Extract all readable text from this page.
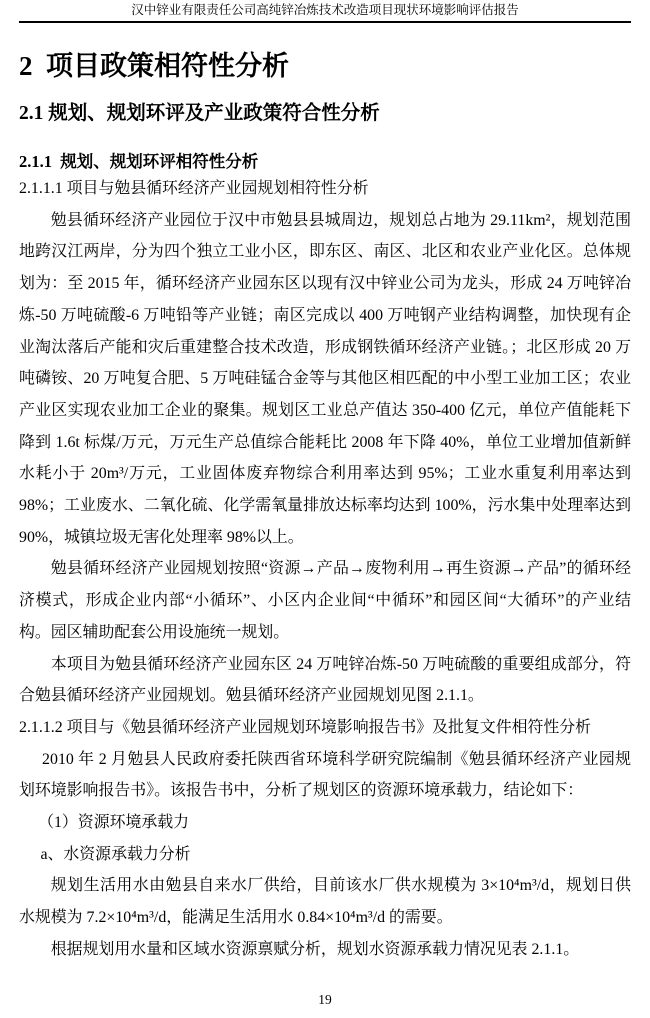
汉中锌业有限责任公司高纯锌冶炼技术改造项目现状环境影响评估报告
2  项目政策相符性分析
2.1 规划、规划环评及产业政策符合性分析
2.1.1  规划、规划环评相符性分析

2.1.1.1 项目与勉县循环经济产业园规划相符性分析

勉县循环经济产业园位于汉中市勉县县城周边，规划总占地为 29.11km²，规划范围地跨汉江两岸，分为四个独立工业小区，即东区、南区、北区和农业产业化区。总体规划为：至 2015 年，循环经济产业园东区以现有汉中锌业公司为龙头，形成 24 万吨锌冶炼-50 万吨硫酸-6 万吨铅等产业链；南区完成以 400 万吨钢产业结构调整，加快现有企业淘汰落后产能和灾后重建整合技术改造，形成钢铁循环经济产业链。；北区形成 20 万吨磷铵、20 万吨复合肥、5 万吨硅锰合金等与其他区相匹配的中小型工业加工区；农业产业区实现农业加工企业的聚集。规划区工业总产值达 350-400 亿元，单位产值能耗下降到 1.6t 标煤/万元，万元生产总值综合能耗比 2008 年下降 40%，单位工业增加值新鲜水耗小于 20m³/万元，工业固体废弃物综合利用率达到 95%；工业水重复利用率达到 98%；工业废水、二氧化硫、化学需氧量排放达标率均达到 100%，污水集中处理率达到 90%，城镇垃圾无害化处理率 98%以上。

勉县循环经济产业园规划按照“资源→产品→废物利用→再生资源→产品”的循环经济模式，形成企业内部“小循环”、小区内企业间“中循环”和园区间“大循环”的产业结构。园区辅助配套公用设施统一规划。

本项目为勉县循环经济产业园东区 24 万吨锌冶炼-50 万吨硫酸的重要组成部分，符合勉县循环经济产业园规划。勉县循环经济产业园规划见图 2.1.1。

2.1.1.2 项目与《勉县循环经济产业园规划环境影响报告书》及批复文件相符性分析

2010 年 2 月勉县人民政府委托陕西省环境科学研究院编制《勉县循环经济产业园规划环境影响报告书》。该报告书中，分析了规划区的资源环境承载力，结论如下：

（1）资源环境承载力

a、水资源承载力分析

规划生活用水由勉县自来水厂供给，目前该水厂供水规模为 3×10⁴m³/d，规划日供水规模为 7.2×10⁴m³/d，能满足生活用水 0.84×10⁴m³/d 的需要。

根据规划用水量和区域水资源禀赋分析，规划水资源承载力情况见表 2.1.1。

19
